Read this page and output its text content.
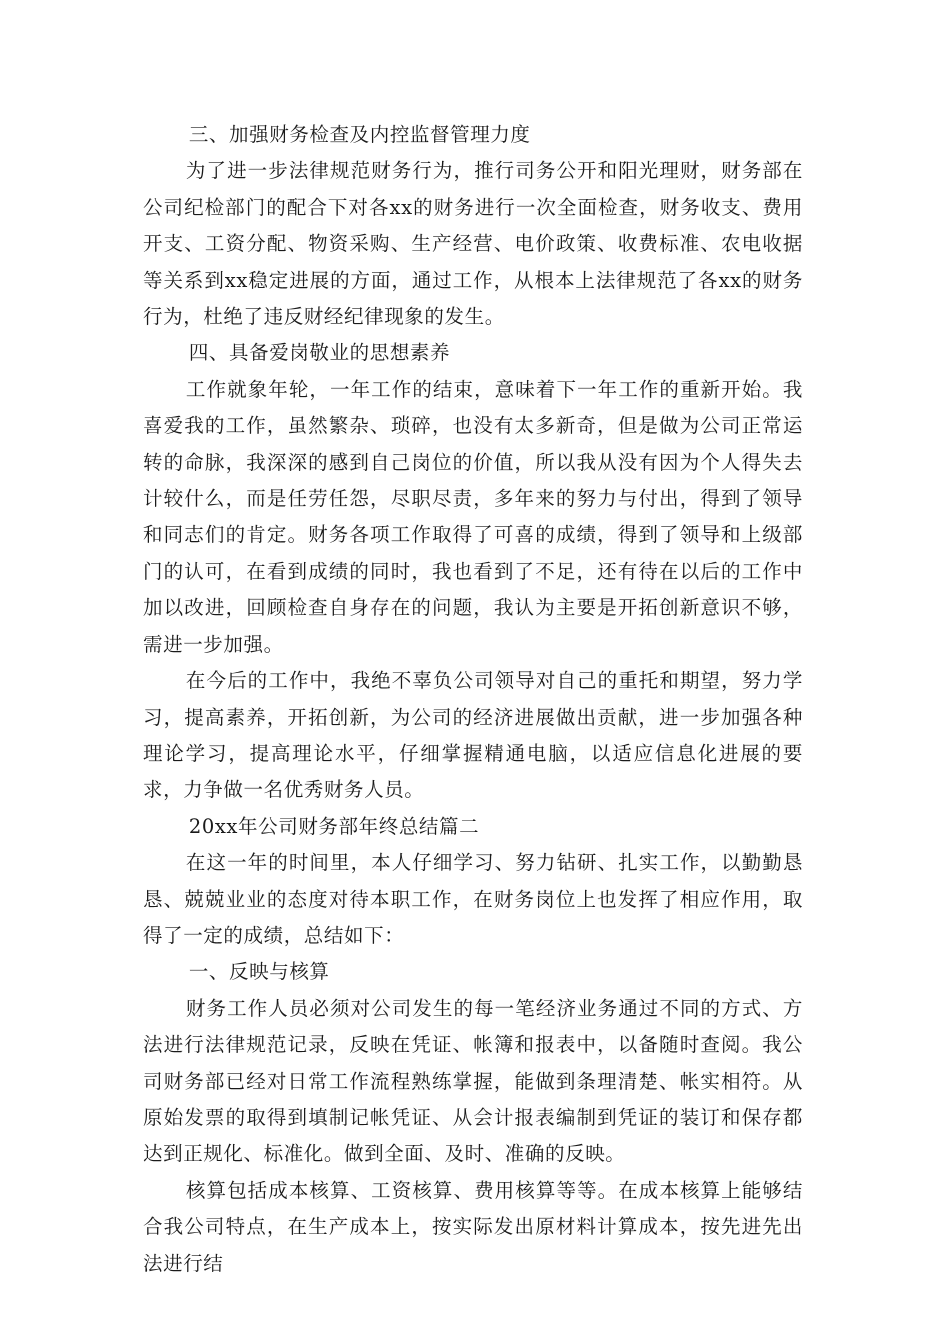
三、加强财务检查及内控监督管理力度

为了进一步法律规范财务行为，推行司务公开和阳光理财，财务部在公司纪检部门的配合下对各xx的财务进行一次全面检查，财务收支、费用开支、工资分配、物资采购、生产经营、电价政策、收费标准、农电收据等关系到xx稳定进展的方面，通过工作，从根本上法律规范了各xx的财务行为，杜绝了违反财经纪律现象的发生。

四、具备爱岗敬业的思想素养

工作就象年轮，一年工作的结束，意味着下一年工作的重新开始。我喜爱我的工作，虽然繁杂、琐碎，也没有太多新奇，但是做为公司正常运转的命脉，我深深的感到自己岗位的价值，所以我从没有因为个人得失去计较什么，而是任劳任怨，尽职尽责，多年来的努力与付出，得到了领导和同志们的肯定。财务各项工作取得了可喜的成绩，得到了领导和上级部门的认可，在看到成绩的同时，我也看到了不足，还有待在以后的工作中加以改进，回顾检查自身存在的问题，我认为主要是开拓创新意识不够，需进一步加强。

在今后的工作中，我绝不辜负公司领导对自己的重托和期望，努力学习，提高素养，开拓创新，为公司的经济进展做出贡献，进一步加强各种理论学习，提高理论水平，仔细掌握精通电脑，以适应信息化进展的要求，力争做一名优秀财务人员。

20xx年公司财务部年终总结篇二

在这一年的时间里，本人仔细学习、努力钻研、扎实工作，以勤勤恳恳、兢兢业业的态度对待本职工作，在财务岗位上也发挥了相应作用，取得了一定的成绩，总结如下：

一、反映与核算

财务工作人员必须对公司发生的每一笔经济业务通过不同的方式、方法进行法律规范记录，反映在凭证、帐簿和报表中，以备随时查阅。我公司财务部已经对日常工作流程熟练掌握，能做到条理清楚、帐实相符。从原始发票的取得到填制记帐凭证、从会计报表编制到凭证的装订和保存都达到正规化、标准化。做到全面、及时、准确的反映。

核算包括成本核算、工资核算、费用核算等等。在成本核算上能够结合我公司特点，在生产成本上，按实际发出原材料计算成本，按先进先出法进行结
